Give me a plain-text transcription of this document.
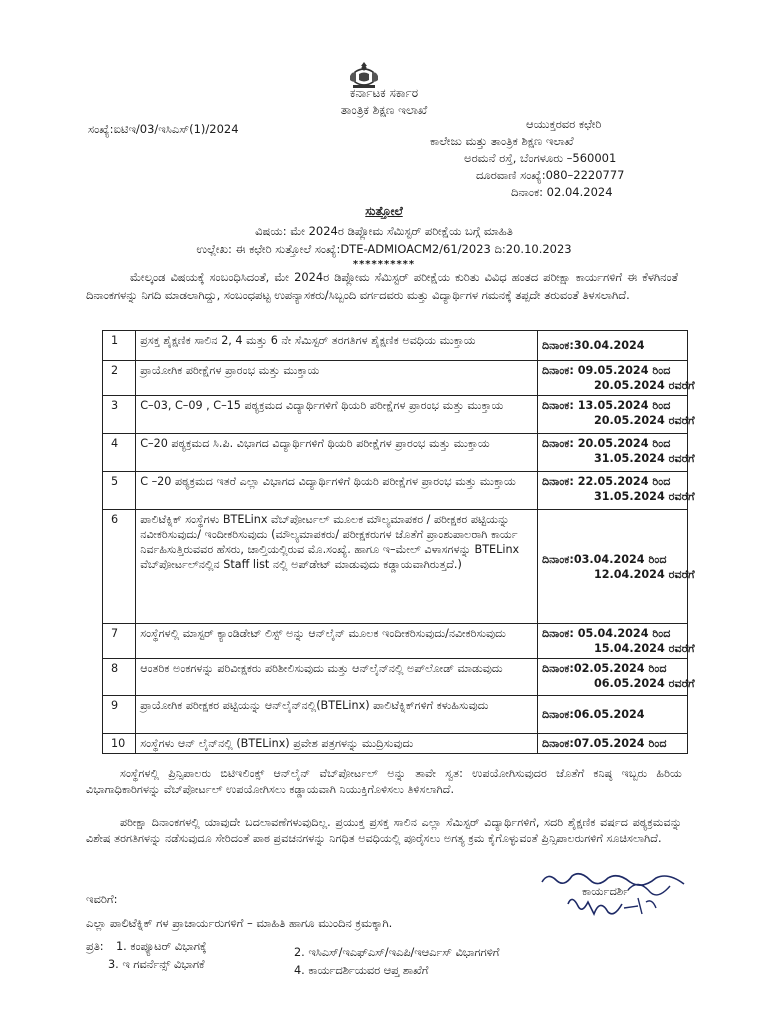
ಕರ್ನಾಟಕ ಸರ್ಕಾರ
ತಾಂತ್ರಿಕ ಶಿಕ್ಷಣ ಇಲಾಖೆ
ಸಂಖ್ಯೆ:ಐಟಿಇ/03/ಇಸಿಎಸ್(1)/2024	ಆಯುಕ್ತರವರ ಕಛೇರಿ
ಕಾಲೇಜು ಮತ್ತು ತಾಂತ್ರಿಕ ಶಿಕ್ಷಣ ಇಲಾಖೆ
ಅರಮನೆ ರಸ್ತೆ, ಬೆಂಗಳೂರು –560001
ದೂರವಾಣಿ ಸಂಖ್ಯೆ:080–2220777
ದಿನಾಂಕ: 02.04.2024
ಸುತ್ತೋಲೆ
ವಿಷಯ: ಮೇ 2024ರ ಡಿಪ್ಲೋಮ ಸೆಮಿಸ್ಟರ್ ಪರೀಕ್ಷೆಯ ಬಗ್ಗೆ ಮಾಹಿತಿ
ಉಲ್ಲೇಖ: ಈ ಕಛೇರಿ ಸುತ್ತೋಲೆ ಸಂಖ್ಯೆ:DTE-ADMIOACM2/61/2023 ದಿ:20.10.2023
**********

ಮೇಲ್ಕಂಡ ವಿಷಯಕ್ಕೆ ಸಂಬಂಧಿಸಿದಂತೆ, ಮೇ 2024ರ ಡಿಪ್ಲೋಮ ಸೆಮಿಸ್ಟರ್ ಪರೀಕ್ಷೆಯ ಕುರಿತು ವಿವಿಧ ಹಂತದ ಪರೀಕ್ಷಾ ಕಾರ್ಯಗಳಿಗೆ ಈ ಕೆಳಗಿನಂತೆ ದಿನಾಂಕಗಳನ್ನು ನಿಗದಿ ಮಾಡಲಾಗಿದ್ದು, ಸಂಬಂಧಪಟ್ಟ ಉಪನ್ಯಾಸಕರು/ಸಿಬ್ಬಂದಿ ವರ್ಗದವರು ಮತ್ತು ವಿದ್ಯಾರ್ಥಿಗಳ ಗಮನಕ್ಕೆ ತಪ್ಪದೇ ತರುವಂತೆ ತಿಳಸಲಾಗಿದೆ.

1	ಪ್ರಸಕ್ತ ಶೈಕ್ಷಣಿಕ ಸಾಲಿನ 2, 4 ಮತ್ತು 6 ನೇ ಸೆಮಿಸ್ಟರ್ ತರಗತಿಗಳ ಶೈಕ್ಷಣಿಕ ಅವಧಿಯ ಮುಕ್ತಾಯ	ದಿನಾಂಕ:30.04.2024

2	ಪ್ರಾಯೋಗಿಕ ಪರೀಕ್ಷೆಗಳ ಪ್ರಾರಂಭ ಮತ್ತು ಮುಕ್ತಾಯ	ದಿನಾಂಕ: 09.05.2024 ರಿಂದ
20.05.2024 ರವರೆಗೆ

3	C–03, C–09 , C–15 ಪಠ್ಯಕ್ರಮದ ವಿದ್ಯಾರ್ಥಿಗಳಿಗೆ ಥಿಯರಿ ಪರೀಕ್ಷೆಗಳ ಪ್ರಾರಂಭ ಮತ್ತು ಮುಕ್ತಾಯ	ದಿನಾಂಕ: 13.05.2024 ರಿಂದ
20.05.2024 ರವರೆಗೆ

4	C–20 ಪಠ್ಯಕ್ರಮದ ಸಿ.ಪಿ. ವಿಭಾಗದ ವಿದ್ಯಾರ್ಥಿಗಳಿಗೆ ಥಿಯರಿ ಪರೀಕ್ಷೆಗಳ ಪ್ರಾರಂಭ ಮತ್ತು ಮುಕ್ತಾಯ	ದಿನಾಂಕ: 20.05.2024 ರಿಂದ
31.05.2024 ರವರೆಗೆ

5	C –20 ಪಠ್ಯಕ್ರಮದ ಇತರೆ ಎಲ್ಲಾ ವಿಭಾಗದ ವಿದ್ಯಾರ್ಥಿಗಳಿಗೆ ಥಿಯರಿ ಪರೀಕ್ಷೆಗಳ ಪ್ರಾರಂಭ ಮತ್ತು ಮುಕ್ತಾಯ	ದಿನಾಂಕ: 22.05.2024 ರಿಂದ
31.05.2024 ರವರೆಗೆ

6	ಪಾಲಿಟೆಕ್ನಿಕ್ ಸಂಸ್ಥೆಗಳು BTELinx ವೆಬ್‌ಪೋರ್ಟಲ್ ಮೂಲಕ ಮೌಲ್ಯಮಾಪಕರ / ಪರೀಕ್ಷಕರ ಪಟ್ಟಿಯನ್ನು ನವೀಕರಿಸುವುದು/ ಇಂದೀಕರಿಸುವುದು (ಮೌಲ್ಯಮಾಪಕರು/ ಪರೀಕ್ಷಕರುಗಳ ಜೊತೆಗೆ ಪ್ರಾಂಶುಪಾಲರಾಗಿ ಕಾರ್ಯ ನಿರ್ವಹಿಸುತ್ತಿರುವವರ ಹೆಸರು, ಚಾಲ್ತಿಯಲ್ಲಿರುವ ಮೊ.ಸಂಖ್ಯೆ. ಹಾಗೂ ಇ–ಮೇಲ್ ವಿಳಾಸಗಳನ್ನು BTELinx ವೆಬ್‌ಪೋರ್ಟಲ್‌ನಲ್ಲಿನ Staff list ನಲ್ಲಿ ಅಪ್‌ಡೇಟ್ ಮಾಡುವುದು ಕಡ್ಡಾಯವಾಗಿರುತ್ತದೆ.)	ದಿನಾಂಕ:03.04.2024 ರಿಂದ
12.04.2024 ರವರೆಗೆ

7	ಸಂಸ್ಥೆಗಳಲ್ಲಿ ಮಾಸ್ಟರ್ ಕ್ಯಾಂಡಿಡೇಟ್ ಲಿಸ್ಟ್ ಅನ್ನು ಆನ್‌ಲೈನ್ ಮೂಲಕ ಇಂದೀಕರಿಸುವುದು/ನವೀಕರಿಸುವುದು	ದಿನಾಂಕ: 05.04.2024 ರಿಂದ
15.04.2024 ರವರೆಗೆ

8	ಆಂತರಿಕ ಅಂಕಗಳನ್ನು ಪರಿವೀಕ್ಷಕರು ಪರಿಶೀಲಿಸುವುದು ಮತ್ತು ಆನ್‌ಲೈನ್‌ನಲ್ಲಿ ಅಪ್‌ಲೋಡ್ ಮಾಡುವುದು	ದಿನಾಂಕ:02.05.2024 ರಿಂದ
06.05.2024 ರವರೆಗೆ

9	ಪ್ರಾಯೋಗಿಕ ಪರೀಕ್ಷಕರ ಪಟ್ಟಿಯನ್ನು ಆನ್‌ಲೈನ್‌ನಲ್ಲಿ(BTELinx) ಪಾಲಿಟೆಕ್ನಿಕ್‌ಗಳಿಗೆ ಕಳುಹಿಸುವುದು	ದಿನಾಂಕ:06.05.2024

10	ಸಂಸ್ಥೆಗಳು ಆನ್ ಲೈನ್‌ನಲ್ಲಿ (BTELinx) ಪ್ರವೇಶ ಪತ್ರಗಳನ್ನು ಮುದ್ರಿಸುವುದು	ದಿನಾಂಕ:07.05.2024 ರಿಂದ

ಸಂಸ್ಥೆಗಳಲ್ಲಿ ಪ್ರಿನ್ಸಿಪಾಲರು ಬಿಟಿಇಲಿಂಕ್ಸ್ ಆನ್‌ಲೈನ್ ವೆಬ್‌ಪೋರ್ಟಲ್ ಅನ್ನು ತಾವೇ ಸ್ವತ: ಉಪಯೋಗಿಸುವುದರ ಜೊತೆಗೆ ಕನಿಷ್ಠ ಇಬ್ಬರು ಹಿರಿಯ ವಿಭಾಗಾಧಿಕಾರಿಗಳನ್ನು ವೆಬ್‌ಪೋರ್ಟಲ್ ಉಪಯೋಗಿಸಲು ಕಡ್ಡಾಯವಾಗಿ ನಿಯುಕ್ತಿಗೊಳಿಸಲು ತಿಳಿಸಲಾಗಿದೆ.

ಪರೀಕ್ಷಾ ದಿನಾಂಕಗಳಲ್ಲಿ ಯಾವುದೇ ಬದಲಾವಣೆಗಳುವುದಿಲ್ಲ. ಪ್ರಯುಕ್ತ ಪ್ರಸಕ್ತ ಸಾಲಿನ ಎಲ್ಲಾ ಸೆಮಿಸ್ಟರ್ ವಿದ್ಯಾರ್ಥಿಗಳಿಗೆ, ಸದರಿ ಶೈಕ್ಷಣಿಕ ವರ್ಷದ ಪಠ್ಯಕ್ರಮವನ್ನು ವಿಶೇಷ ತರಗತಿಗಳನ್ನು ನಡೆಸುವುದೂ ಸೇರಿದಂತೆ ಪಾಠ ಪ್ರವಚನಗಳನ್ನು ನಿಗಧಿತ ಅವಧಿಯಲ್ಲಿ ಪೂರೈಸಲು ಅಗತ್ಯ ಕ್ರಮ ಕೈಗೊಳ್ಳುವಂತೆ ಪ್ರಿನ್ಸಿಪಾಲರುಗಳಿಗೆ ಸೂಚಿಸಲಾಗಿದೆ.

ಕಾರ್ಯದರ್ಶಿ
ಇವರಿಗೆ:
ಎಲ್ಲಾ ಪಾಲಿಟೆಕ್ನಿಕ್ ಗಳ ಪ್ರಾಚಾರ್ಯರುಗಳಿಗೆ – ಮಾಹಿತಿ ಹಾಗೂ ಮುಂದಿನ ಕ್ರಮಕ್ಕಾಗಿ.
ಪ್ರತಿ: 1. ಕಂಪ್ಯೂಟರ್ ವಿಭಾಗಕ್ಕೆ	2. ಇಸಿಎಸ್/ಇಎಫ್ಎಸ್/ಇಎಪಿ/ಇಆರ್ಎಸ್ ವಿಭಾಗಗಳಿಗೆ
3. ಇ ಗವರ್ನೆನ್ಸ್ ವಿಭಾಗಕೆ	4. ಕಾರ್ಯದರ್ಶಿಯವರ ಆಪ್ತ ಶಾಖೆಗೆ
